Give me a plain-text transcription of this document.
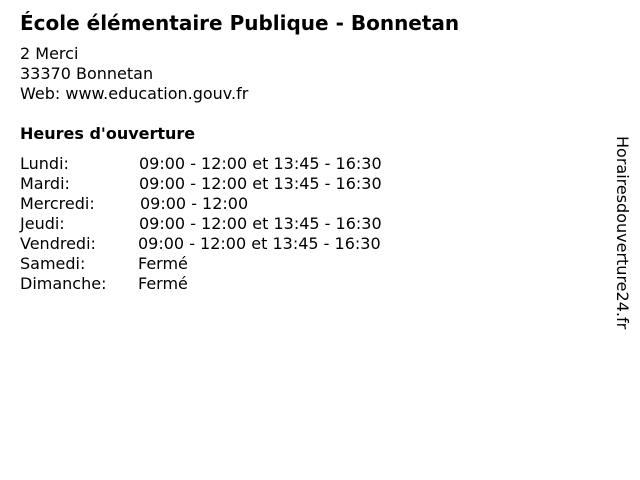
École élémentaire Publique - Bonnetan
2 Merci
33370 Bonnetan
Web: www.education.gouv.fr
Heures d'ouverture
Lundi:	09:00 - 12:00 et 13:45 - 16:30
Mardi:	09:00 - 12:00 et 13:45 - 16:30
Mercredi:	09:00 - 12:00
Jeudi:	09:00 - 12:00 et 13:45 - 16:30
Vendredi:	09:00 - 12:00 et 13:45 - 16:30
Samedi:	Fermé
Dimanche: Fermé	Horairesdouverture24.fr
